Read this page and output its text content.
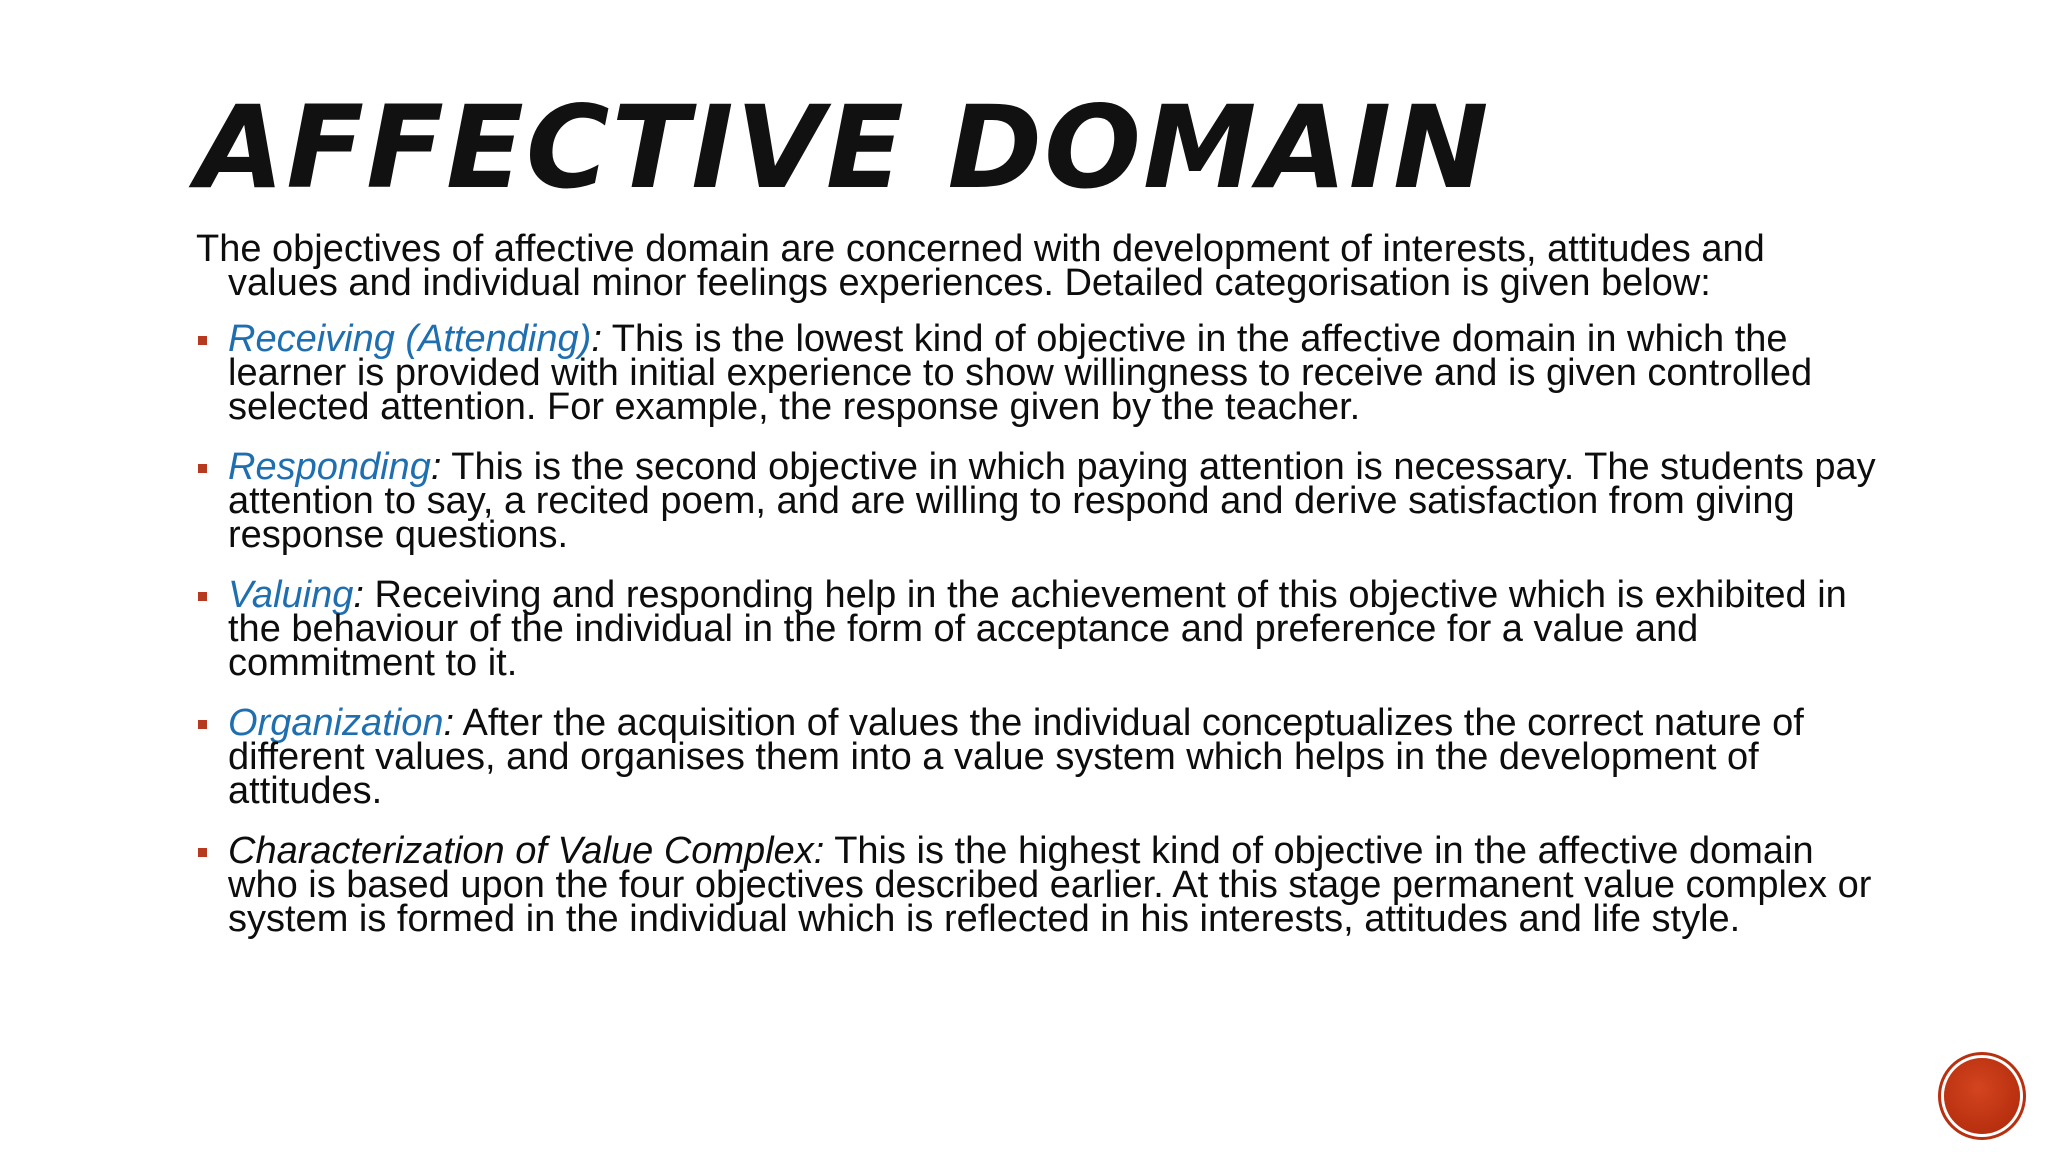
AFFECTIVE DOMAIN

The objectives of affective domain are concerned with development of interests, attitudes and values and individual minor feelings experiences. Detailed categorisation is given below:

Receiving (Attending): This is the lowest kind of objective in the affective domain in which the learner is provided with initial experience to show willingness to receive and is given controlled selected attention. For example, the response given by the teacher.
Responding: This is the second objective in which paying attention is necessary. The students pay attention to say, a recited poem, and are willing to respond and derive satisfaction from giving response questions.
Valuing: Receiving and responding help in the achievement of this objective which is exhibited in the behaviour of the individual in the form of acceptance and preference for a value and commitment to it.
Organization: After the acquisition of values the individual conceptualizes the correct nature of different values, and organises them into a value system which helps in the development of attitudes.
Characterization of Value Complex: This is the highest kind of objective in the affective domain who is based upon the four objectives described earlier. At this stage permanent value complex or system is formed in the individual which is reflected in his interests, attitudes and life style.
